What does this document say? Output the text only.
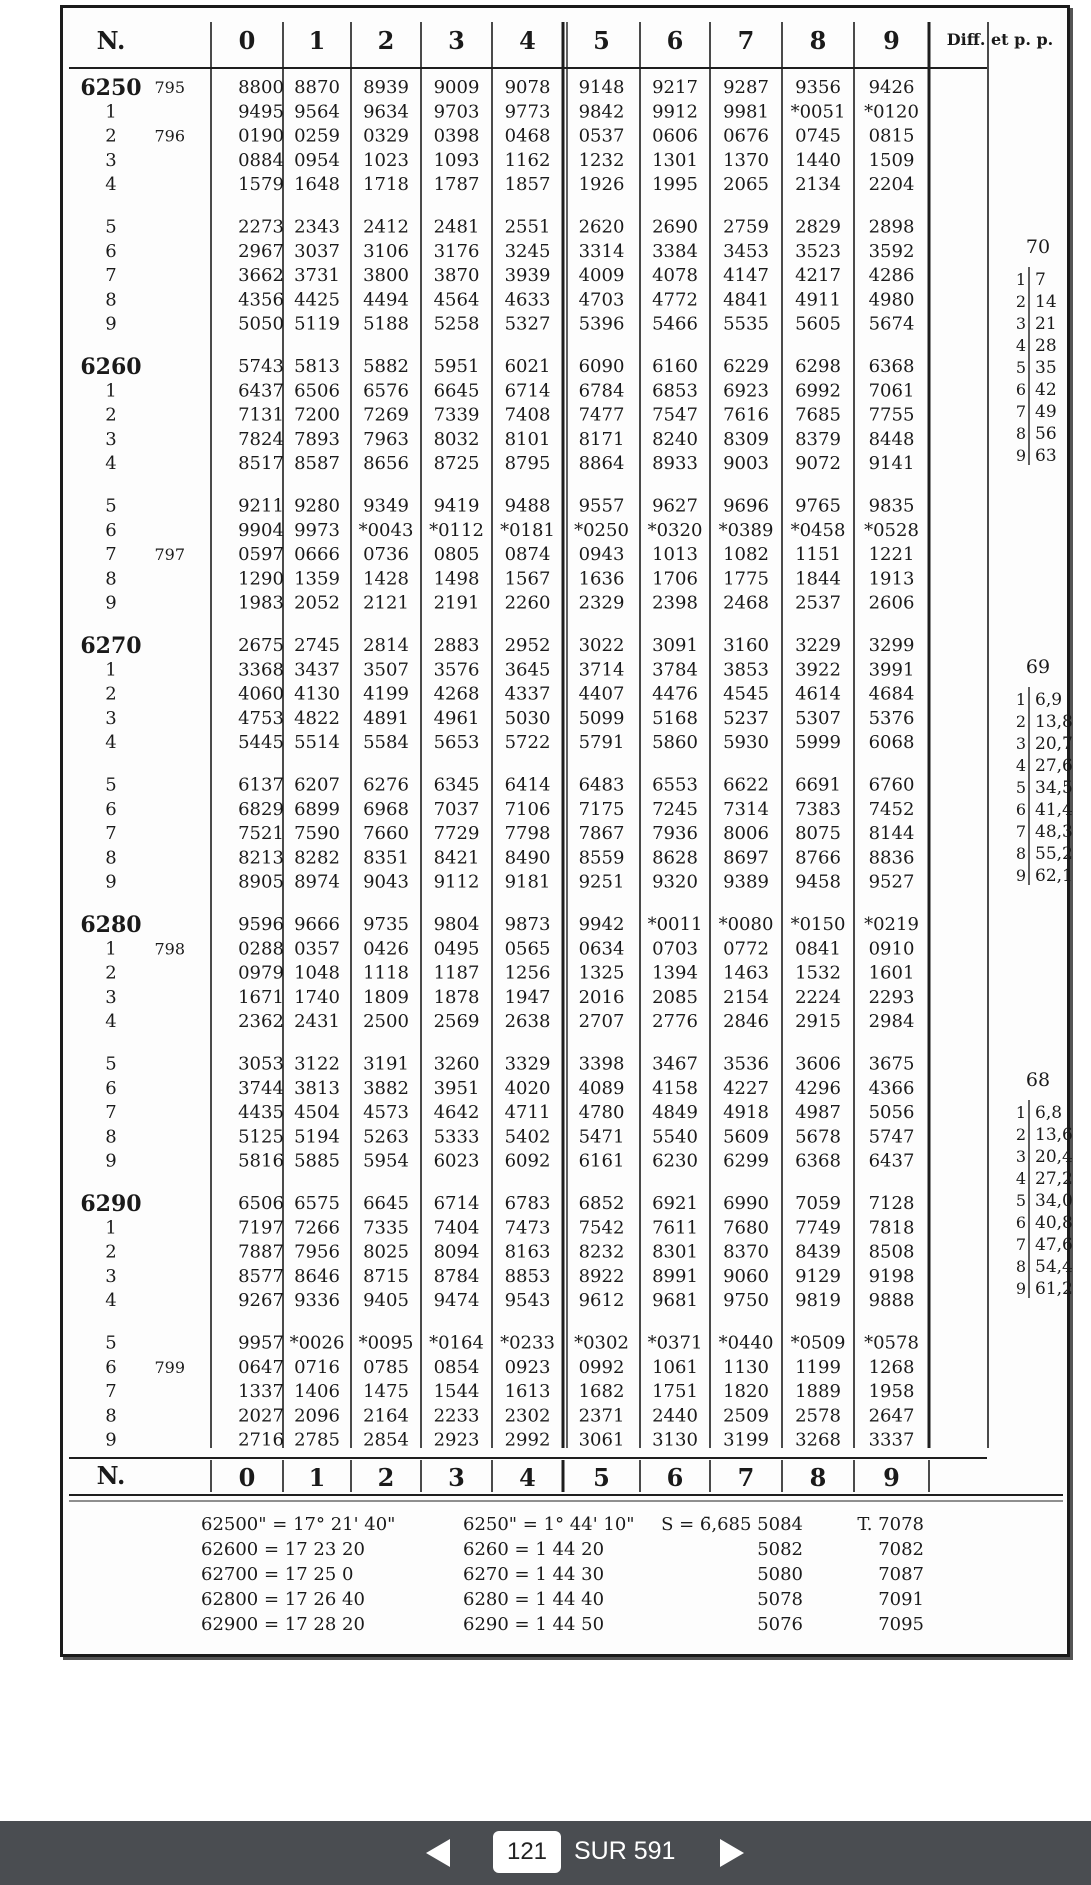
N.	0 1 2 3 4 5 6 7 8 9	Diff. et p. p.
6250 795	8800 8870 8939 9009 9078 9148 9217 9287 9356 9426
1	9495 9564 9634 9703 9773 9842 9912 9981 *0051 *0120
2 796	0190 0259 0329 0398 0468 0537 0606 0676 0745 0815
3	0884 0954 1023 1093 1162 1232 1301 1370 1440 1509
4	1579 1648 1718 1787 1857 1926 1995 2065 2134 2204
5	2273 2343 2412 2481 2551 2620 2690 2759 2829 2898
6	2967 3037 3106 3176 3245 3314 3384 3453 3523 3592
7	3662 3731 3800 3870 3939 4009 4078 4147 4217 4286
8	4356 4425 4494 4564 4633 4703 4772 4841 4911 4980
9	5050 5119 5188 5258 5327 5396 5466 5535 5605 5674
6260	5743 5813 5882 5951 6021 6090 6160 6229 6298 6368
1	6437 6506 6576 6645 6714 6784 6853 6923 6992 7061
2	7131 7200 7269 7339 7408 7477 7547 7616 7685 7755
3	7824 7893 7963 8032 8101 8171 8240 8309 8379 8448
4	8517 8587 8656 8725 8795 8864 8933 9003 9072 9141
5	9211 9280 9349 9419 9488 9557 9627 9696 9765 9835
6	9904 9973 *0043 *0112 *0181 *0250 *0320 *0389 *0458 *0528
7 797	0597 0666 0736 0805 0874 0943 1013 1082 1151 1221
8	1290 1359 1428 1498 1567 1636 1706 1775 1844 1913
9	1983 2052 2121 2191 2260 2329 2398 2468 2537 2606
6270	2675 2745 2814 2883 2952 3022 3091 3160 3229 3299
1	3368 3437 3507 3576 3645 3714 3784 3853 3922 3991
2	4060 4130 4199 4268 4337 4407 4476 4545 4614 4684
3	4753 4822 4891 4961 5030 5099 5168 5237 5307 5376
4	5445 5514 5584 5653 5722 5791 5860 5930 5999 6068
5	6137 6207 6276 6345 6414 6483 6553 6622 6691 6760
6	6829 6899 6968 7037 7106 7175 7245 7314 7383 7452
7	7521 7590 7660 7729 7798 7867 7936 8006 8075 8144
8	8213 8282 8351 8421 8490 8559 8628 8697 8766 8836
9	8905 8974 9043 9112 9181 9251 9320 9389 9458 9527
6280	9596 9666 9735 9804 9873 9942 *0011 *0080 *0150 *0219
1 798	0288 0357 0426 0495 0565 0634 0703 0772 0841 0910
2	0979 1048 1118 1187 1256 1325 1394 1463 1532 1601
3	1671 1740 1809 1878 1947 2016 2085 2154 2224 2293
4	2362 2431 2500 2569 2638 2707 2776 2846 2915 2984
5	3053 3122 3191 3260 3329 3398 3467 3536 3606 3675
6	3744 3813 3882 3951 4020 4089 4158 4227 4296 4366
7	4435 4504 4573 4642 4711 4780 4849 4918 4987 5056
8	5125 5194 5263 5333 5402 5471 5540 5609 5678 5747
9	5816 5885 5954 6023 6092 6161 6230 6299 6368 6437
6290	6506 6575 6645 6714 6783 6852 6921 6990 7059 7128
1	7197 7266 7335 7404 7473 7542 7611 7680 7749 7818
2	7887 7956 8025 8094 8163 8232 8301 8370 8439 8508
3	8577 8646 8715 8784 8853 8922 8991 9060 9129 9198
4	9267 9336 9405 9474 9543 9612 9681 9750 9819 9888
5	9957 *0026 *0095 *0164 *0233 *0302 *0371 *0440 *0509 *0578
6 799	0647 0716 0785 0854 0923 0992 1061 1130 1199 1268
7	1337 1406 1475 1544 1613 1682 1751 1820 1889 1958
8	2027 2096 2164 2233 2302 2371 2440 2509 2578 2647
9	2716 2785 2854 2923 2992 3061 3130 3199 3268 3337
70
1 7
2 14
3 21
4 28
5 35
6 42
7 49
8 56
9 63
69
1 6,9
2 13,8
3 20,7
4 27,6
5 34,5
6 41,4
7 48,3
8 55,2
9 62,1
68
1 6,8
2 13,6
3 20,4
4 27,2
5 34,0
6 40,8
7 47,6
8 54,4
9 61,2
N.	0 1 2 3 4 5 6 7 8 9
62500" = 17° 21' 40"	6250" = 1° 44' 10" S = 6̄,685 5084	T. 7078
62600 = 17 23 20	6260 = 1 44 20	5082	7082
62700 = 17 25 0	6270 = 1 44 30	5080	7087
62800 = 17 26 40	6280 = 1 44 40	5078	7091
62900 = 17 28 20	6290 = 1 44 50	5076	7095
121
SUR 591
